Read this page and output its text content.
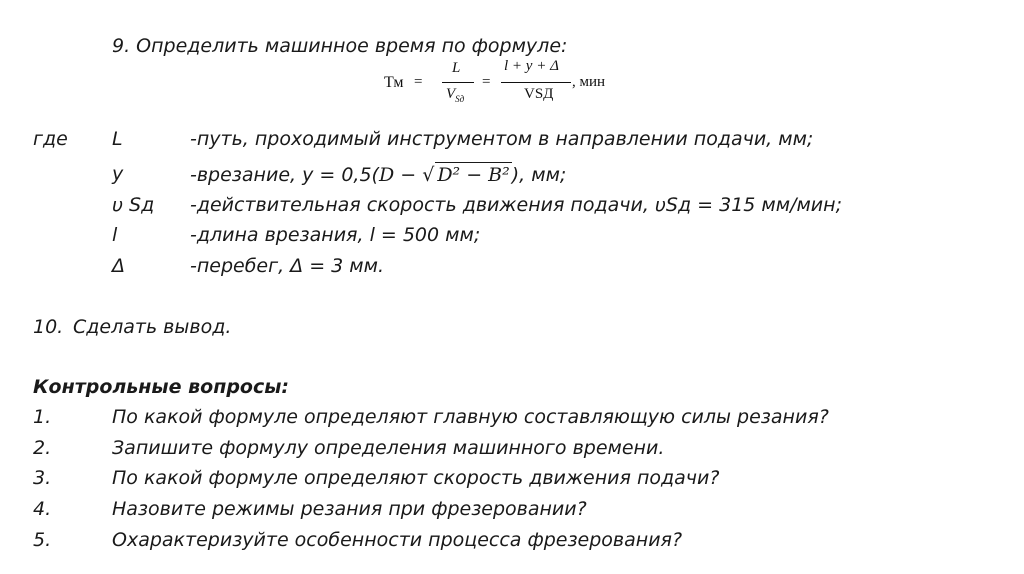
9. Определить машинное время по формуле:
Тм =
L
$V_{Sд}$
=
l + y + Δ
VSД
, мин
где L	-путь, проходимый инструментом в направлении подачи, мм;
y	-врезание, у = 0,5(D − √ D² − B² ), мм;
υ Sд -действительная скорость движения подачи, υSд = 315 мм/мин;
l	-длина врезания, l = 500 мм;
Δ	-перебег, Δ = 3 мм.
10. Сделать вывод.
Контрольные вопросы:
1.	По какой формуле определяют главную составляющую силы резания?
2.	Запишите формулу определения машинного времени.
3.	По какой формуле определяют скорость движения подачи?
4.	Назовите режимы резания при фрезеровании?
5.	Охарактеризуйте особенности процесса фрезерования?
